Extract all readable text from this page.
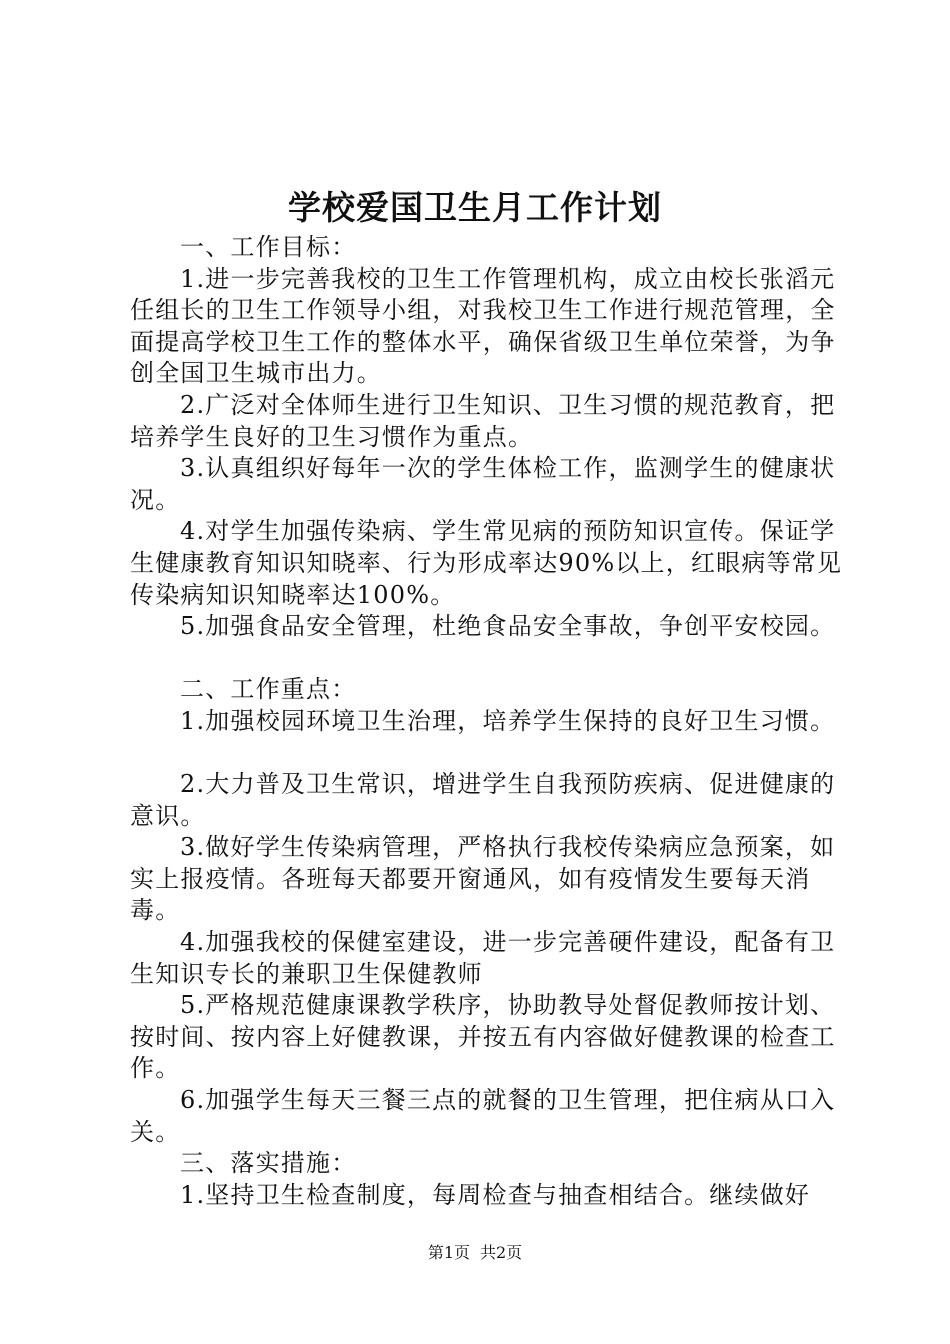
学校爱国卫生月工作计划

一、工作目标：

1.进一步完善我校的卫生工作管理机构，成立由校长张滔元任组长的卫生工作领导小组，对我校卫生工作进行规范管理，全面提高学校卫生工作的整体水平，确保省级卫生单位荣誉，为争创全国卫生城市出力。

2.广泛对全体师生进行卫生知识、卫生习惯的规范教育，把培养学生良好的卫生习惯作为重点。

3.认真组织好每年一次的学生体检工作，监测学生的健康状况。

4.对学生加强传染病、学生常见病的预防知识宣传。保证学生健康教育知识知晓率、行为形成率达90%以上，红眼病等常见传染病知识知晓率达100%。

5.加强食品安全管理，杜绝食品安全事故，争创平安校园。

二、工作重点：

1.加强校园环境卫生治理，培养学生保持的良好卫生习惯。

2.大力普及卫生常识，增进学生自我预防疾病、促进健康的意识。

3.做好学生传染病管理，严格执行我校传染病应急预案，如实上报疫情。各班每天都要开窗通风，如有疫情发生要每天消毒。

4.加强我校的保健室建设，进一步完善硬件建设，配备有卫生知识专长的兼职卫生保健教师

5.严格规范健康课教学秩序，协助教导处督促教师按计划、按时间、按内容上好健教课，并按五有内容做好健教课的检查工作。

6.加强学生每天三餐三点的就餐的卫生管理，把住病从口入关。

三、落实措施：

1.坚持卫生检查制度，每周检查与抽查相结合。继续做好

第1页 共2页
